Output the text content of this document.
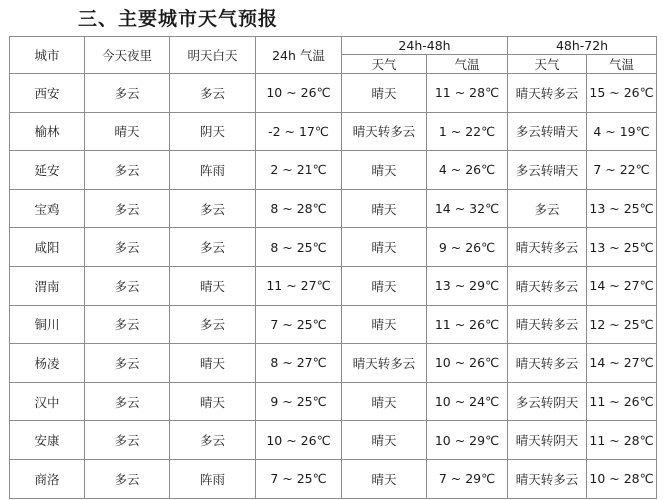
三、主要城市天气预报
城市	今天夜里	明天白天	24h 气温	24h-48h		48h-72h	
				天气	气温	天气	气温
西安	多云	多云	10 ~ 26℃	晴天	11 ~ 28℃	晴天转多云	15 ~ 26℃
榆林	晴天	阴天	-2 ~ 17℃	晴天转多云	1 ~ 22℃	多云转晴天	4 ~ 19℃
延安	多云	阵雨	2 ~ 21℃	晴天	4 ~ 26℃	多云转晴天	7 ~ 22℃
宝鸡	多云	多云	8 ~ 28℃	晴天	14 ~ 32℃	多云	13 ~ 25℃
咸阳	多云	多云	8 ~ 25℃	晴天	9 ~ 26℃	晴天转多云	13 ~ 25℃
渭南	多云	晴天	11 ~ 27℃	晴天	13 ~ 29℃	晴天转多云	14 ~ 27℃
铜川	多云	多云	7 ~ 25℃	晴天	11 ~ 26℃	晴天转多云	12 ~ 25℃
杨凌	多云	晴天	8 ~ 27℃	晴天转多云	10 ~ 26℃	晴天转多云	14 ~ 27℃
汉中	多云	晴天	9 ~ 25℃	晴天	10 ~ 24℃	多云转阴天	11 ~ 26℃
安康	多云	多云	10 ~ 26℃	晴天	10 ~ 29℃	晴天转阴天	11 ~ 28℃
商洛	多云	阵雨	7 ~ 25℃	晴天	7 ~ 29℃	晴天转多云	10 ~ 28℃
